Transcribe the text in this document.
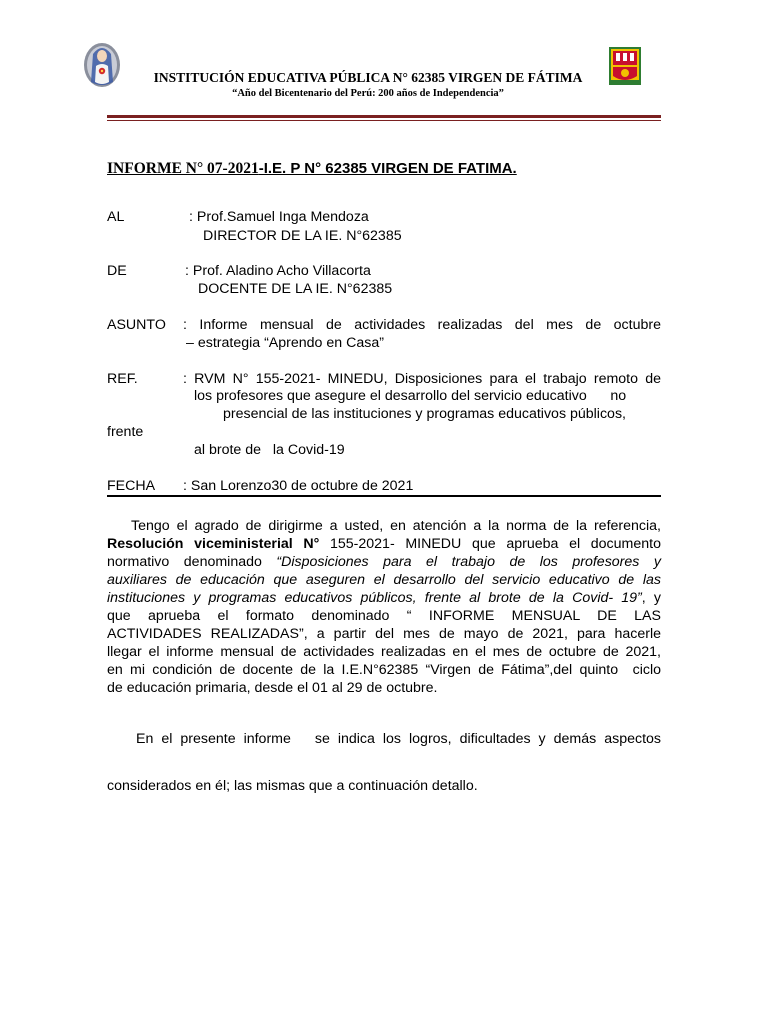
INSTITUCIÓN EDUCATIVA PÚBLICA N° 62385 VIRGEN DE FÁTIMA
“Año del Bicentenario del Perú: 200 años de Independencia”
INFORME N° 07-2021-I.E. P N° 62385 VIRGEN DE FATIMA.
AL	: Prof.Samuel Inga Mendoza
DIRECTOR DE LA IE. N°62385
DE	: Prof. Aladino Acho Villacorta
DOCENTE DE LA IE. N°62385
ASUNTO : Informe mensual de actividades realizadas del mes de octubre
– estrategia “Aprendo en Casa”
REF.	: RVM N° 155-2021- MINEDU, Disposiciones para el trabajo remoto de
los profesores que asegure el desarrollo del servicio educativo      no
presencial de las instituciones y programas educativos públicos,
frente
al brote de   la Covid-19
FECHA : San Lorenzo30 de octubre de 2021
Tengo el agrado de dirigirme a usted, en atención a la norma de la referencia,
Resolución viceministerial N° 155-2021- MINEDU que aprueba el documento
normativo denominado “Disposiciones para el trabajo de los profesores y
auxiliares de educación que aseguren el desarrollo del servicio educativo de las
instituciones y programas educativos públicos, frente al brote de la Covid- 19”, y
que aprueba el formato denominado “ INFORME MENSUAL DE LAS
ACTIVIDADES REALIZADAS”, a partir del mes de mayo de 2021, para hacerle
llegar el informe mensual de actividades realizadas en el mes de octubre de 2021,
en mi condición de docente de la I.E.N°62385 “Virgen de Fátima”,del quinto  ciclo
de educación primaria, desde el 01 al 29 de octubre.
En el presente informe   se indica los logros, dificultades y demás aspectos
considerados en él; las mismas que a continuación detallo.
